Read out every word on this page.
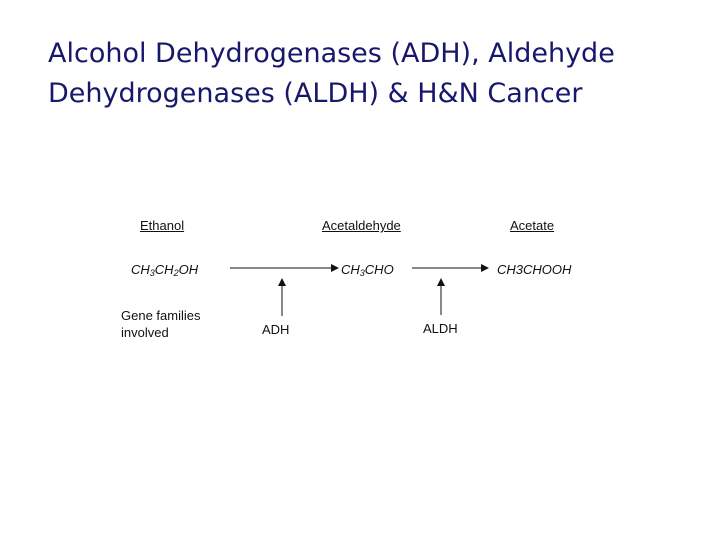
Alcohol Dehydrogenases (ADH), Aldehyde Dehydrogenases (ALDH) & H&N Cancer
Ethanol	Acetaldehyde	Acetate
$CH_3CH_2OH$	$CH_3CHO$	CH3CHOOH
Gene families
involved	ADH	ALDH
